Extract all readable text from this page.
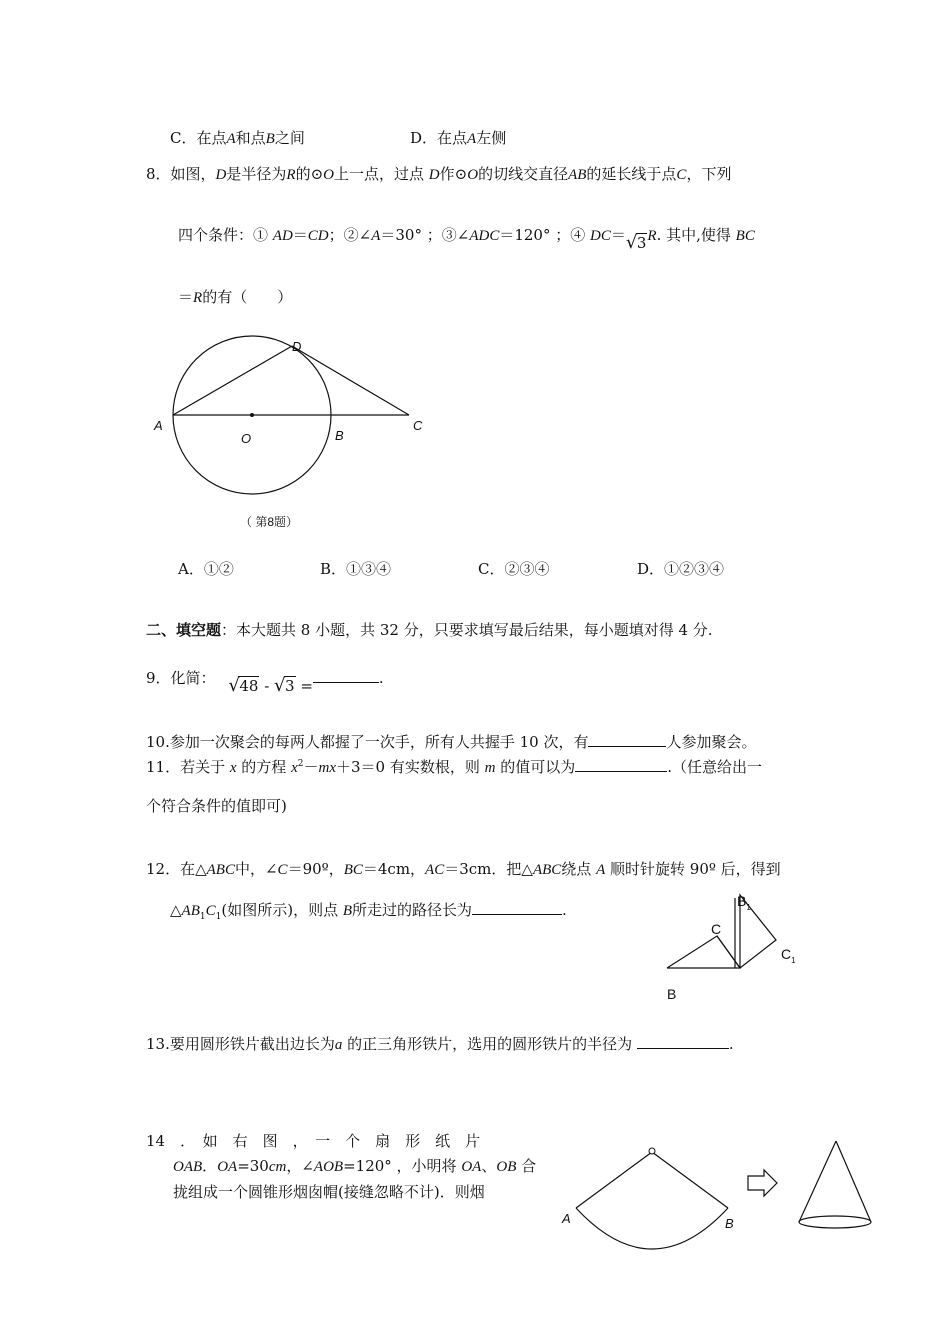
C．在点A和点B之间	D．在点A左侧
8．如图，D是半径为R的⊙O上一点，过点 D作⊙O的切线交直径AB的延长线于点C，下列
四个条件：① AD＝CD；②∠A＝30° ；③∠ADC＝120° ；④ DC＝ √ 3R. 其中,使得 BC
＝R的有（　　）
D
A
O	B
C
（ 第8题）
A．①②	B．①③④	C．②③④	D．①②③④
二、填空题：本大题共 8 小题，共 32 分，只要求填写最后结果，每小题填对得 4 分.
9．化简： √ 48 - √ 3 =	.
10.参加一次聚会的每两人都握了一次手，所有人共握手 10 次，有	人参加聚会。
11．若关于 x 的方程 $x^2-mx+3=0$ 有实数根，则 m 的值可以为	.（任意给出一
个符合条件的值即可)
12．在△ABC中，∠C＝90º，BC＝4cm，AC＝3cm．把△ABC绕点 A 顺时针旋转 90º 后，得到
$\triangle AB_1C_1$(如图所示)，则点 B所走过的路径长为	.	$B_1$
C
$C_1$
B
13.要用圆形铁片截出边长为a 的正三角形铁片，选用的圆形铁片的半径为	.
14　．　如　右　图　，　一　个　扇　形　纸　片
OAB．OA=30cm，∠AOB=120° ，小明将 OA、OB 合
拢组成一个圆锥形烟囱帽(接缝忽略不计)．则烟
A	B
